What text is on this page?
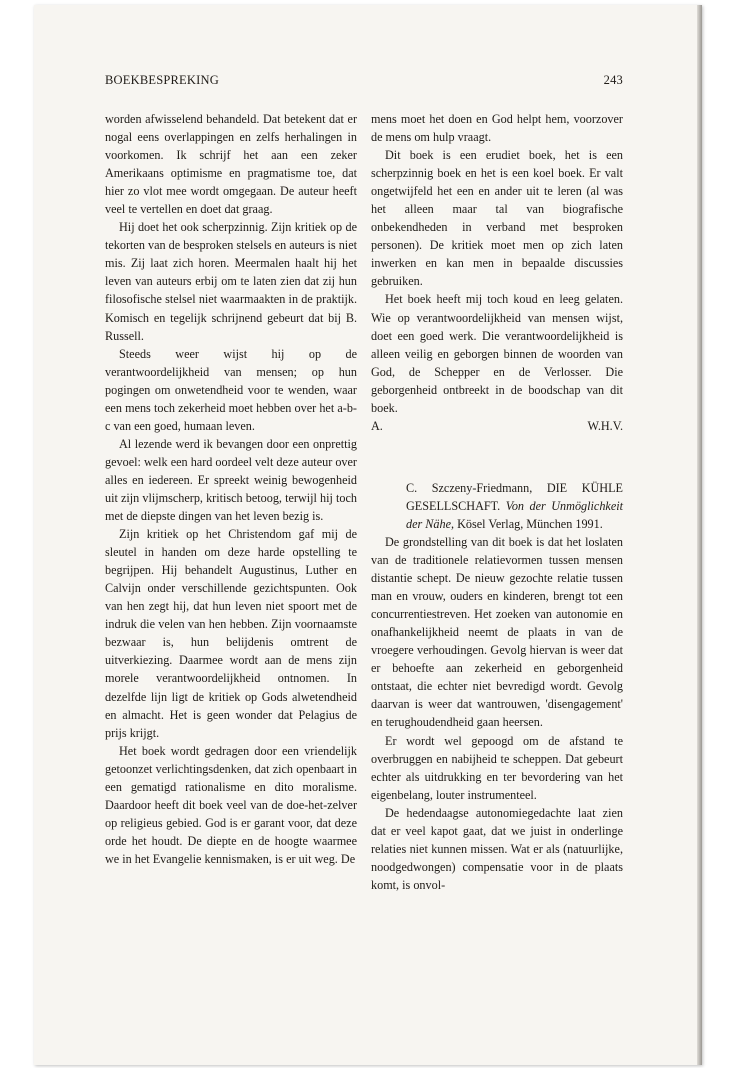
BOEKBESPREKING	243

worden afwisselend behandeld. Dat betekent dat er nogal eens overlappingen en zelfs herhalingen in voorkomen. Ik schrijf het aan een zeker Amerikaans optimisme en pragmatisme toe, dat hier zo vlot mee wordt omgegaan. De auteur heeft veel te vertellen en doet dat graag.

Hij doet het ook scherpzinnig. Zijn kritiek op de tekorten van de besproken stelsels en auteurs is niet mis. Zij laat zich horen. Meermalen haalt hij het leven van auteurs erbij om te laten zien dat zij hun filosofische stelsel niet waarmaakten in de praktijk. Komisch en tegelijk schrijnend gebeurt dat bij B. Russell.

Steeds weer wijst hij op de verantwoordelijkheid van mensen; op hun pogingen om onwetendheid voor te wenden, waar een mens toch zekerheid moet hebben over het a-b-c van een goed, humaan leven.

Al lezende werd ik bevangen door een onprettig gevoel: welk een hard oordeel velt deze auteur over alles en iedereen. Er spreekt weinig bewogenheid uit zijn vlijmscherp, kritisch betoog, terwijl hij toch met de diepste dingen van het leven bezig is.

Zijn kritiek op het Christendom gaf mij de sleutel in handen om deze harde opstelling te begrijpen. Hij behandelt Augustinus, Luther en Calvijn onder verschillende gezichtspunten. Ook van hen zegt hij, dat hun leven niet spoort met de indruk die velen van hen hebben. Zijn voornaamste bezwaar is, hun belijdenis omtrent de uitverkiezing. Daarmee wordt aan de mens zijn morele verantwoordelijkheid ontnomen. In dezelfde lijn ligt de kritiek op Gods alwetendheid en almacht. Het is geen wonder dat Pelagius de prijs krijgt.

Het boek wordt gedragen door een vriendelijk getoonzet verlichtingsdenken, dat zich openbaart in een gematigd rationalisme en dito moralisme. Daardoor heeft dit boek veel van de doe-het-zelver op religieus gebied. God is er garant voor, dat deze orde het houdt. De diepte en de hoogte waarmee we in het Evangelie kennismaken, is er uit weg. De

mens moet het doen en God helpt hem, voorzover de mens om hulp vraagt.

Dit boek is een erudiet boek, het is een scherpzinnig boek en het is een koel boek. Er valt ongetwijfeld het een en ander uit te leren (al was het alleen maar tal van biografische onbekendheden in verband met besproken personen). De kritiek moet men op zich laten inwerken en kan men in bepaalde discussies gebruiken.

Het boek heeft mij toch koud en leeg gelaten. Wie op verantwoordelijkheid van mensen wijst, doet een goed werk. Die verantwoordelijkheid is alleen veilig en geborgen binnen de woorden van God, de Schepper en de Verlosser. Die geborgenheid ontbreekt in de boodschap van dit boek.

A.	W.H.V.

C. Szczeny-Friedmann, DIE KÜHLE GESELLSCHAFT. Von der Unmöglichkeit der Nähe, Kösel Verlag, München 1991.

De grondstelling van dit boek is dat het loslaten van de traditionele relatievormen tussen mensen distantie schept. De nieuw gezochte relatie tussen man en vrouw, ouders en kinderen, brengt tot een concurrentiestreven. Het zoeken van autonomie en onafhankelijkheid neemt de plaats in van de vroegere verhoudingen. Gevolg hiervan is weer dat er behoefte aan zekerheid en geborgenheid ontstaat, die echter niet bevredigd wordt. Gevolg daarvan is weer dat wantrouwen, 'disengagement' en terughoudendheid gaan heersen.

Er wordt wel gepoogd om de afstand te overbruggen en nabijheid te scheppen. Dat gebeurt echter als uitdrukking en ter bevordering van het eigenbelang, louter instrumenteel.

De hedendaagse autonomiegedachte laat zien dat er veel kapot gaat, dat we juist in onderlinge relaties niet kunnen missen. Wat er als (natuurlijke, noodgedwongen) compensatie voor in de plaats komt, is onvol-
